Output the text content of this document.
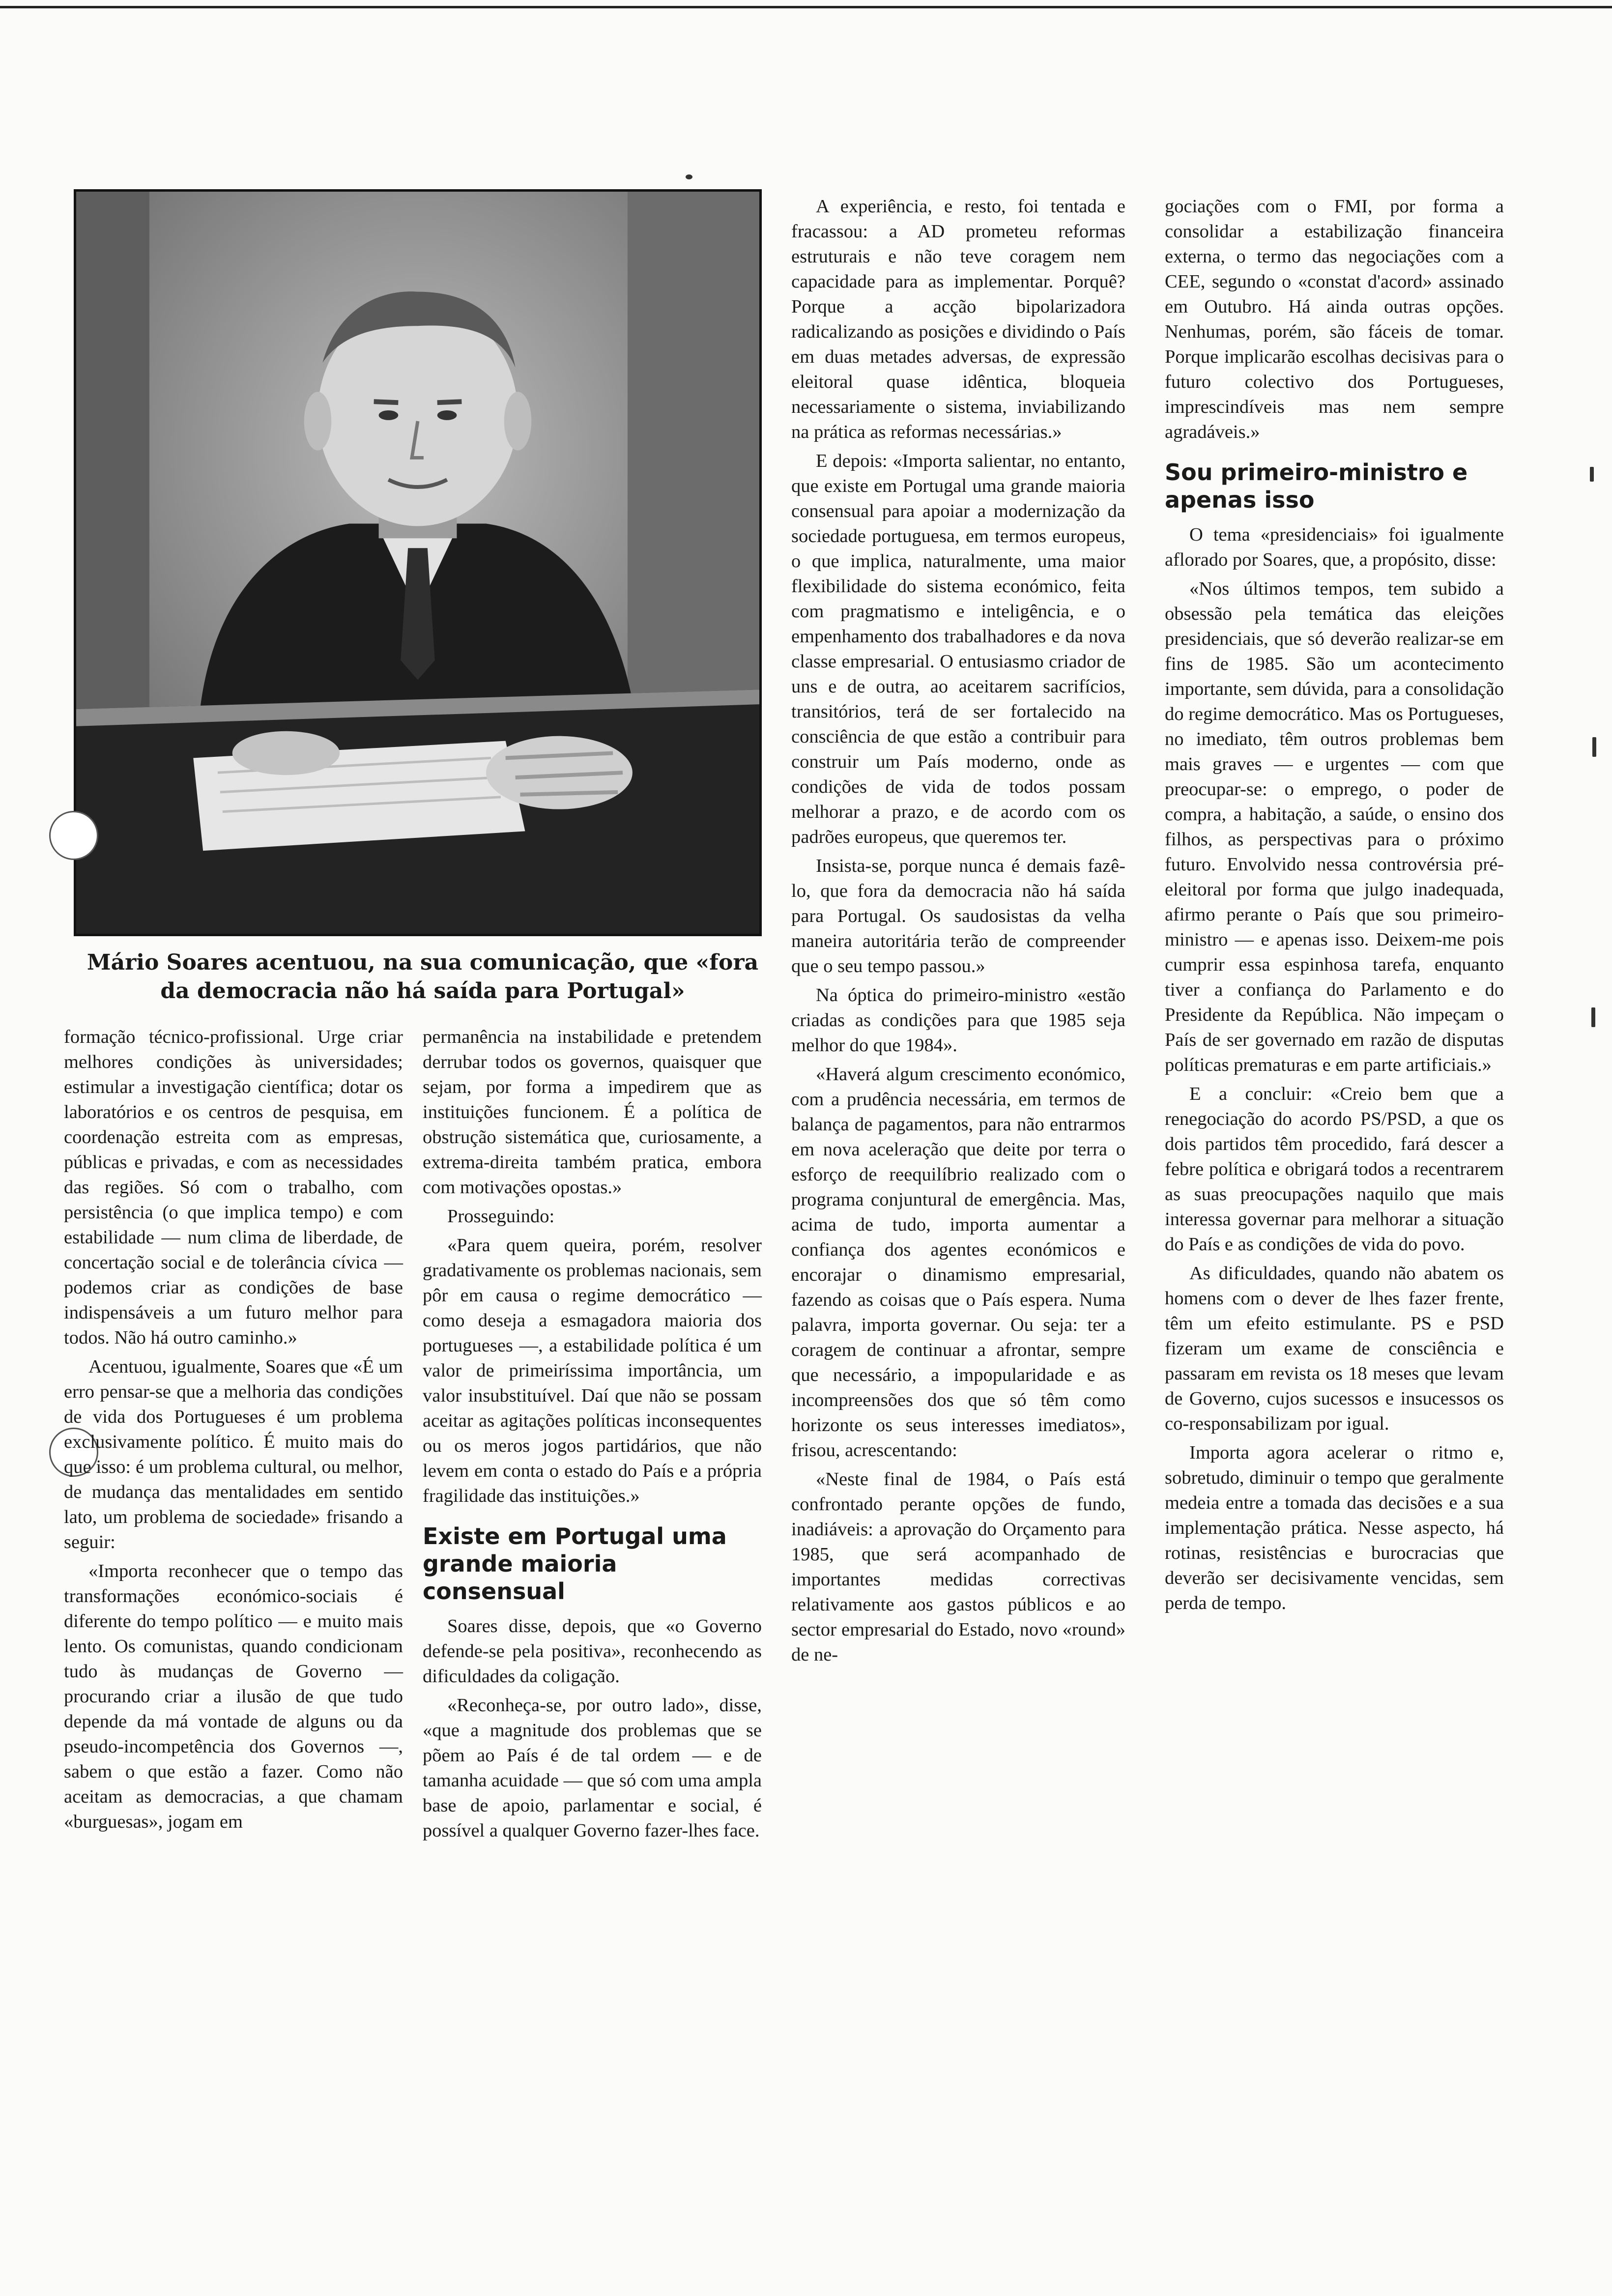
Mário Soares acentuou, na sua comunicação, que «fora da democracia não há saída para Portugal»

formação técnico-profissional. Urge criar melhores condições às universidades; estimular a investigação científica; dotar os laboratórios e os centros de pesquisa, em coordenação estreita com as empresas, públicas e privadas, e com as necessidades das regiões. Só com o trabalho, com persistência (o que implica tempo) e com estabilidade — num clima de liberdade, de concertação social e de tolerância cívica — podemos criar as condições de base indispensáveis a um futuro melhor para todos. Não há outro caminho.»

Acentuou, igualmente, Soares que «É um erro pensar-se que a melhoria das condições de vida dos Portugueses é um problema exclusivamente político. É muito mais do que isso: é um problema cultural, ou melhor, de mudança das mentalidades em sentido lato, um problema de sociedade» frisando a seguir:

«Importa reconhecer que o tempo das transformações económico-sociais é diferente do tempo político — e muito mais lento. Os comunistas, quando condicionam tudo às mudanças de Governo — procurando criar a ilusão de que tudo depende da má vontade de alguns ou da pseudo-incompetência dos Governos —, sabem o que estão a fazer. Como não aceitam as democracias, a que chamam «burguesas», jogam em

permanência na instabilidade e pretendem derrubar todos os governos, quaisquer que sejam, por forma a impedirem que as instituições funcionem. É a política de obstrução sistemática que, curiosamente, a extrema-direita também pratica, embora com motivações opostas.»

Prosseguindo:

«Para quem queira, porém, resolver gradativamente os problemas nacionais, sem pôr em causa o regime democrático — como deseja a esmagadora maioria dos portugueses —, a estabilidade política é um valor de primeiríssima importância, um valor insubstituível. Daí que não se possam aceitar as agitações políticas inconsequentes ou os meros jogos partidários, que não levem em conta o estado do País e a própria fragilidade das instituições.»

Existe em Portugal uma grande maioria consensual

Soares disse, depois, que «o Governo defende-se pela positiva», reconhecendo as dificuldades da coligação.

«Reconheça-se, por outro lado», disse, «que a magnitude dos problemas que se põem ao País é de tal ordem — e de tamanha acuidade — que só com uma ampla base de apoio, parlamentar e social, é possível a qualquer Governo fazer-lhes face.

A experiência, e resto, foi tentada e fracassou: a AD prometeu reformas estruturais e não teve coragem nem capacidade para as implementar. Porquê? Porque a acção bipolarizadora radicalizando as posições e dividindo o País em duas metades adversas, de expressão eleitoral quase idêntica, bloqueia necessariamente o sistema, inviabilizando na prática as reformas necessárias.»

E depois: «Importa salientar, no entanto, que existe em Portugal uma grande maioria consensual para apoiar a modernização da sociedade portuguesa, em termos europeus, o que implica, naturalmente, uma maior flexibilidade do sistema económico, feita com pragmatismo e inteligência, e o empenhamento dos trabalhadores e da nova classe empresarial. O entusiasmo criador de uns e de outra, ao aceitarem sacrifícios, transitórios, terá de ser fortalecido na consciência de que estão a contribuir para construir um País moderno, onde as condições de vida de todos possam melhorar a prazo, e de acordo com os padrões europeus, que queremos ter.

Insista-se, porque nunca é demais fazê-lo, que fora da democracia não há saída para Portugal. Os saudosistas da velha maneira autoritária terão de compreender que o seu tempo passou.»

Na óptica do primeiro-ministro «estão criadas as condições para que 1985 seja melhor do que 1984».

«Haverá algum crescimento económico, com a prudência necessária, em termos de balança de pagamentos, para não entrarmos em nova aceleração que deite por terra o esforço de reequilíbrio realizado com o programa conjuntural de emergência. Mas, acima de tudo, importa aumentar a confiança dos agentes económicos e encorajar o dinamismo empresarial, fazendo as coisas que o País espera. Numa palavra, importa governar. Ou seja: ter a coragem de continuar a afrontar, sempre que necessário, a impopularidade e as incompreensões dos que só têm como horizonte os seus interesses imediatos», frisou, acrescentando:

«Neste final de 1984, o País está confrontado perante opções de fundo, inadiáveis: a aprovação do Orçamento para 1985, que será acompanhado de importantes medidas correctivas relativamente aos gastos públicos e ao sector empresarial do Estado, novo «round» de ne-

gociações com o FMI, por forma a consolidar a estabilização financeira externa, o termo das negociações com a CEE, segundo o «constat d'acord» assinado em Outubro. Há ainda outras opções. Nenhumas, porém, são fáceis de tomar. Porque implicarão escolhas decisivas para o futuro colectivo dos Portugueses, imprescindíveis mas nem sempre agradáveis.»

Sou primeiro-ministro e apenas isso

O tema «presidenciais» foi igualmente aflorado por Soares, que, a propósito, disse:

«Nos últimos tempos, tem subido a obsessão pela temática das eleições presidenciais, que só deverão realizar-se em fins de 1985. São um acontecimento importante, sem dúvida, para a consolidação do regime democrático. Mas os Portugueses, no imediato, têm outros problemas bem mais graves — e urgentes — com que preocupar-se: o emprego, o poder de compra, a habitação, a saúde, o ensino dos filhos, as perspectivas para o próximo futuro. Envolvido nessa controvérsia pré-eleitoral por forma que julgo inadequada, afirmo perante o País que sou primeiro-ministro — e apenas isso. Deixem-me pois cumprir essa espinhosa tarefa, enquanto tiver a confiança do Parlamento e do Presidente da República. Não impeçam o País de ser governado em razão de disputas políticas prematuras e em parte artificiais.»

E a concluir: «Creio bem que a renegociação do acordo PS/PSD, a que os dois partidos têm procedido, fará descer a febre política e obrigará todos a recentrarem as suas preocupações naquilo que mais interessa governar para melhorar a situação do País e as condições de vida do povo.

As dificuldades, quando não abatem os homens com o dever de lhes fazer frente, têm um efeito estimulante. PS e PSD fizeram um exame de consciência e passaram em revista os 18 meses que levam de Governo, cujos sucessos e insucessos os co-responsabilizam por igual.

Importa agora acelerar o ritmo e, sobretudo, diminuir o tempo que geralmente medeia entre a tomada das decisões e a sua implementação prática. Nesse aspecto, há rotinas, resistências e burocracias que deverão ser decisivamente vencidas, sem perda de tempo.
